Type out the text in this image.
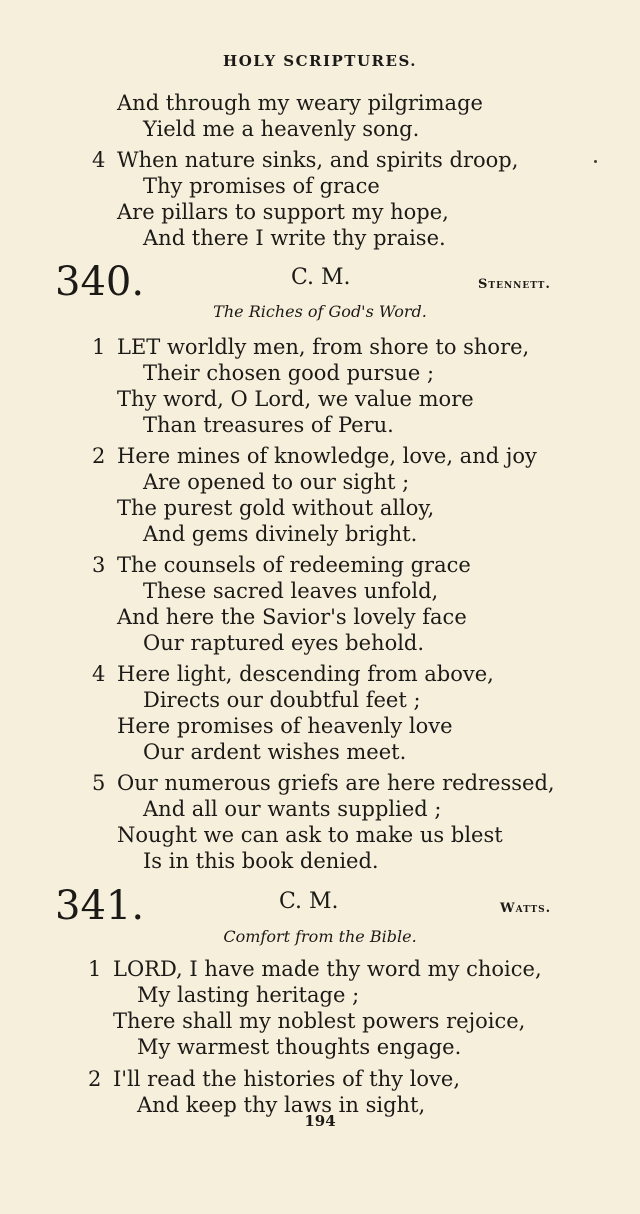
HOLY SCRIPTURES.
And through my weary pilgrimage
Yield me a heavenly song.
4 When nature sinks, and spirits droop,
Thy promises of grace
Are pillars to support my hope,
And there I write thy praise.
340.	C. M.	Stennett.
The Riches of God's Word.
1 LET worldly men, from shore to shore,
Their chosen good pursue ;
Thy word, O Lord, we value more
Than treasures of Peru.
2 Here mines of knowledge, love, and joy
Are opened to our sight ;
The purest gold without alloy,
And gems divinely bright.
3 The counsels of redeeming grace
These sacred leaves unfold,
And here the Savior's lovely face
Our raptured eyes behold.
4 Here light, descending from above,
Directs our doubtful feet ;
Here promises of heavenly love
Our ardent wishes meet.
5 Our numerous griefs are here redressed,
And all our wants supplied ;
Nought we can ask to make us blest
Is in this book denied.
341.	C. M.	Watts.
Comfort from the Bible.
1 LORD, I have made thy word my choice,
My lasting heritage ;
There shall my noblest powers rejoice,
My warmest thoughts engage.
2 I'll read the histories of thy love,
And keep thy laws in sight,
194
